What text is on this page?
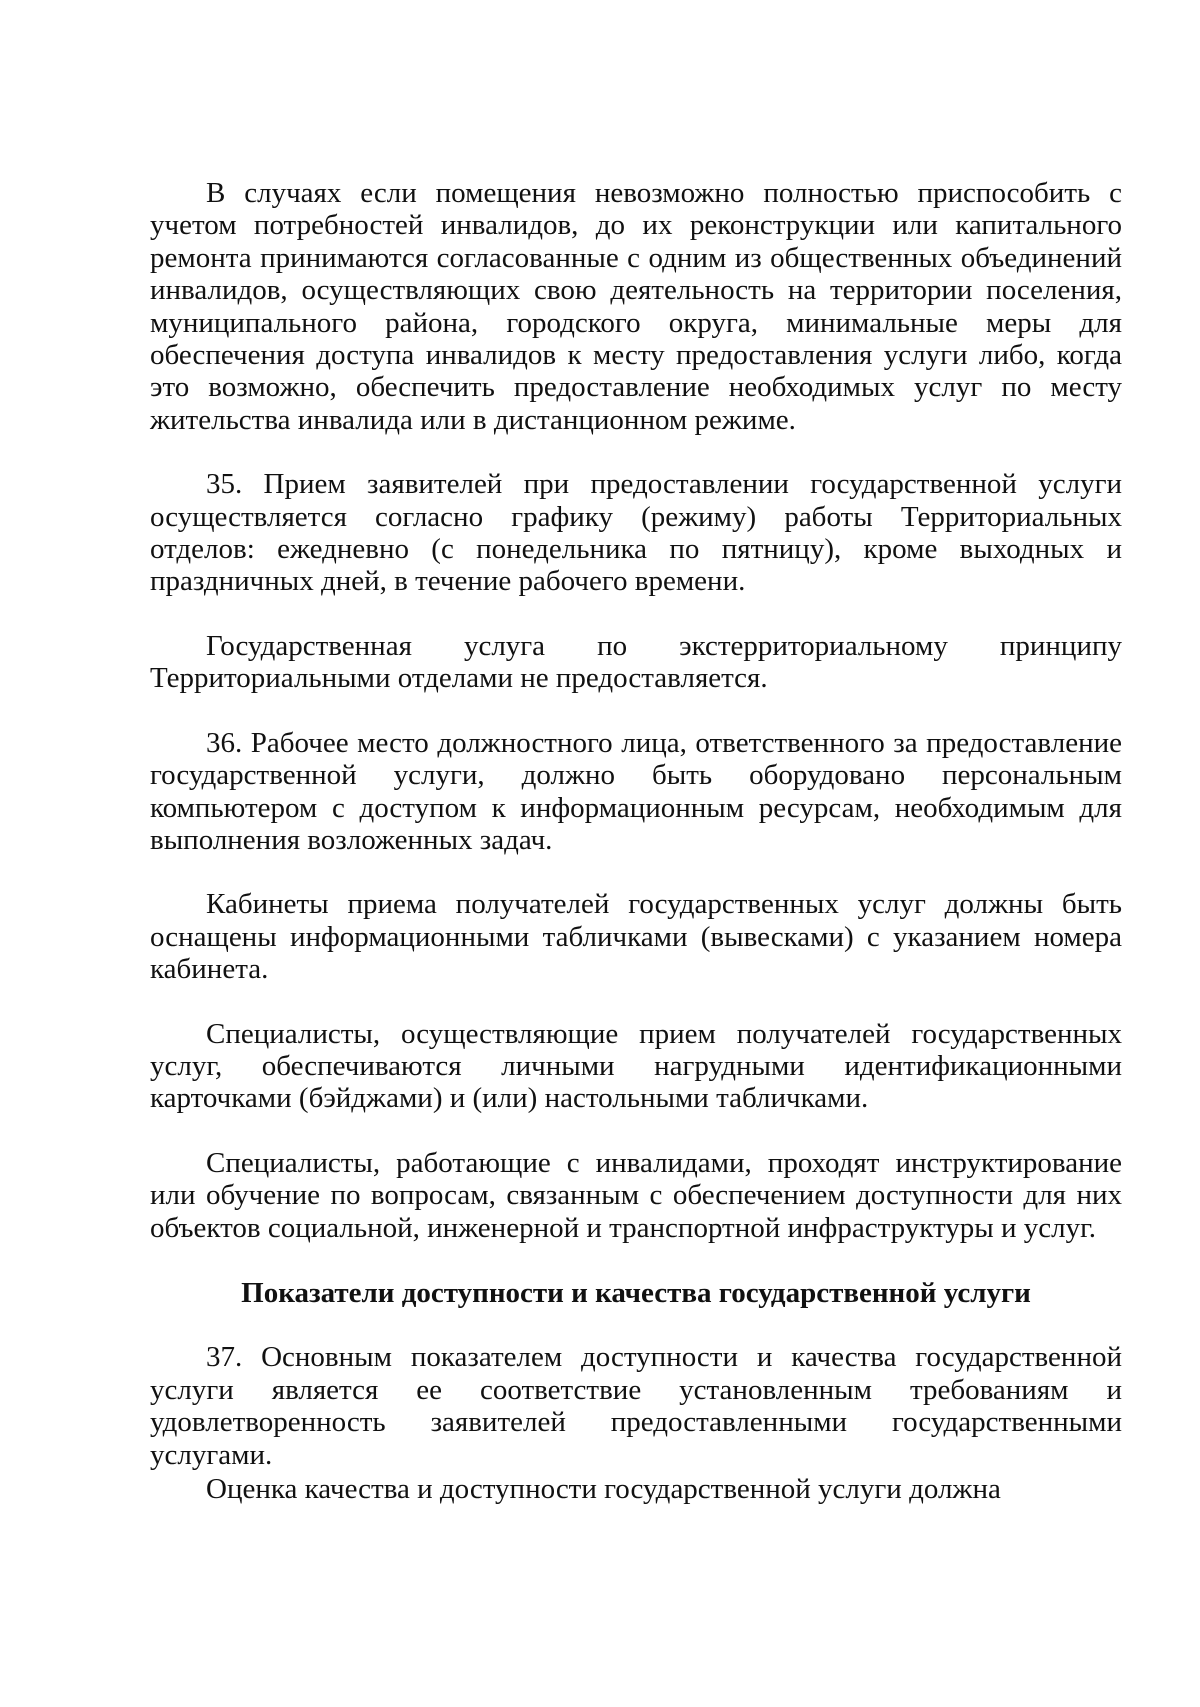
В случаях если помещения невозможно полностью приспособить с учетом потребностей инвалидов, до их реконструкции или капитального ремонта принимаются согласованные с одним из общественных объединений инвалидов, осуществляющих свою деятельность на территории поселения, муниципального района, городского округа, минимальные меры для обеспечения доступа инвалидов к месту предоставления услуги либо, когда это возможно, обеспечить предоставление необходимых услуг по месту жительства инвалида или в дистанционном режиме.

35. Прием заявителей при предоставлении государственной услуги осуществляется согласно графику (режиму) работы Территориальных отделов: ежедневно (с понедельника по пятницу), кроме выходных и праздничных дней, в течение рабочего времени.

Государственная услуга по экстерриториальному принципу Территориальными отделами не предоставляется.

36. Рабочее место должностного лица, ответственного за предоставление государственной услуги, должно быть оборудовано персональным компьютером с доступом к информационным ресурсам, необходимым для выполнения возложенных задач.

Кабинеты приема получателей государственных услуг должны быть оснащены информационными табличками (вывесками) с указанием номера кабинета.

Специалисты, осуществляющие прием получателей государственных услуг, обеспечиваются личными нагрудными идентификационными карточками (бэйджами) и (или) настольными табличками.

Специалисты, работающие с инвалидами, проходят инструктирование или обучение по вопросам, связанным с обеспечением доступности для них объектов социальной, инженерной и транспортной инфраструктуры и услуг.

Показатели доступности и качества государственной услуги

37. Основным показателем доступности и качества государственной услуги является ее соответствие установленным требованиям и удовлетворенность заявителей предоставленными государственными услугами.

Оценка качества и доступности государственной услуги должна
